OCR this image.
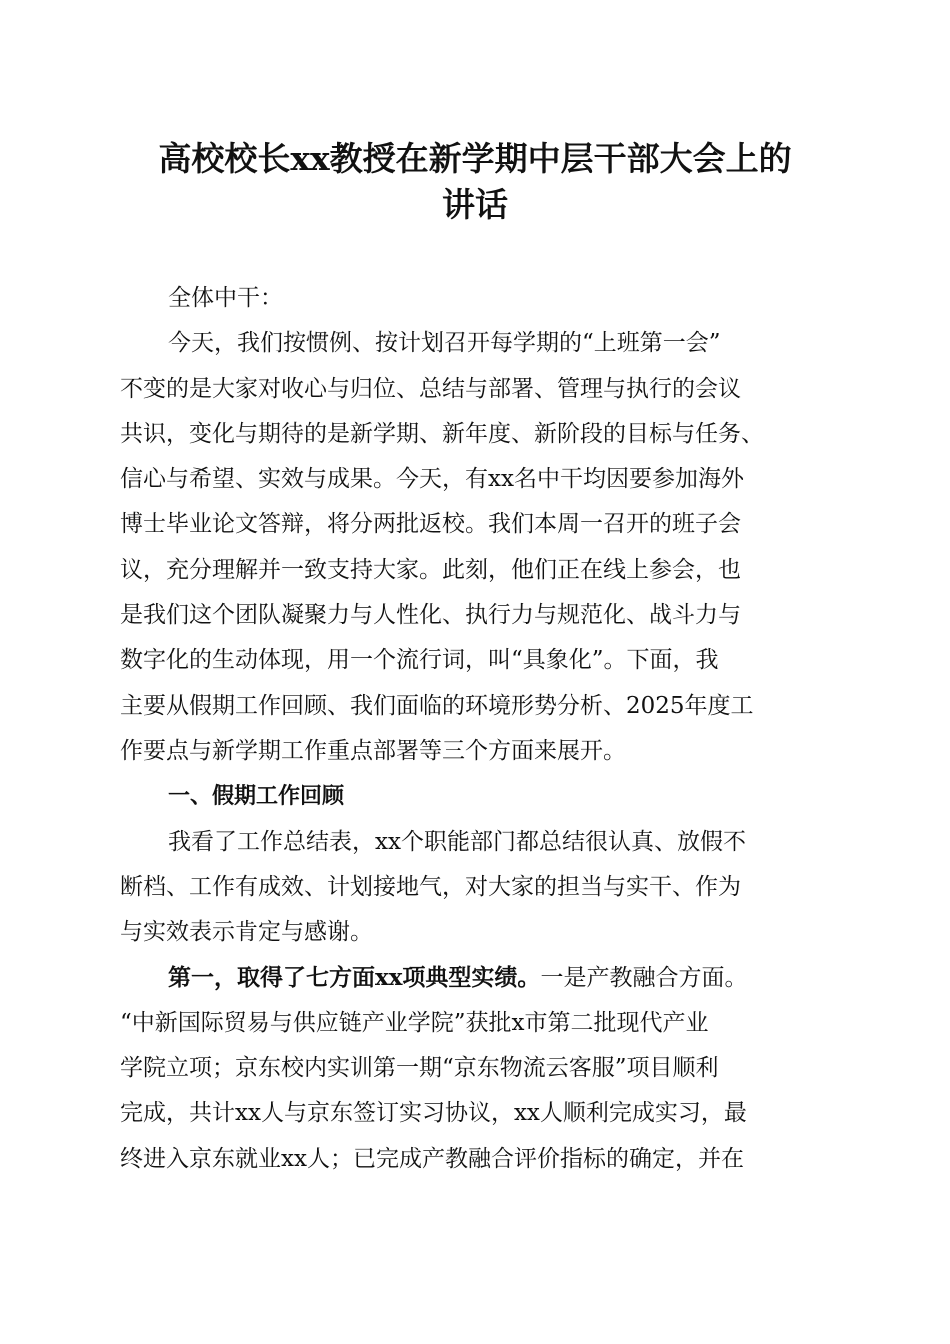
高校校长xx教授在新学期中层干部大会上的
讲话
全体中干：
今天，我们按惯例、按计划召开每学期的“上班第一会”
不变的是大家对收心与归位、总结与部署、管理与执行的会议
共识，变化与期待的是新学期、新年度、新阶段的目标与任务、
信心与希望、实效与成果。今天，有xx名中干均因要参加海外
博士毕业论文答辩，将分两批返校。我们本周一召开的班子会
议，充分理解并一致支持大家。此刻，他们正在线上参会，也
是我们这个团队凝聚力与人性化、执行力与规范化、战斗力与
数字化的生动体现，用一个流行词，叫“具象化”。下面，我
主要从假期工作回顾、我们面临的环境形势分析、2025年度工
作要点与新学期工作重点部署等三个方面来展开。
一、假期工作回顾
我看了工作总结表，xx个职能部门都总结很认真、放假不
断档、工作有成效、计划接地气，对大家的担当与实干、作为
与实效表示肯定与感谢。
第一，取得了七方面xx项典型实绩。一是产教融合方面。
“中新国际贸易与供应链产业学院”获批x市第二批现代产业
学院立项；京东校内实训第一期“京东物流云客服”项目顺利
完成，共计xx人与京东签订实习协议，xx人顺利完成实习，最
终进入京东就业xx人；已完成产教融合评价指标的确定，并在
